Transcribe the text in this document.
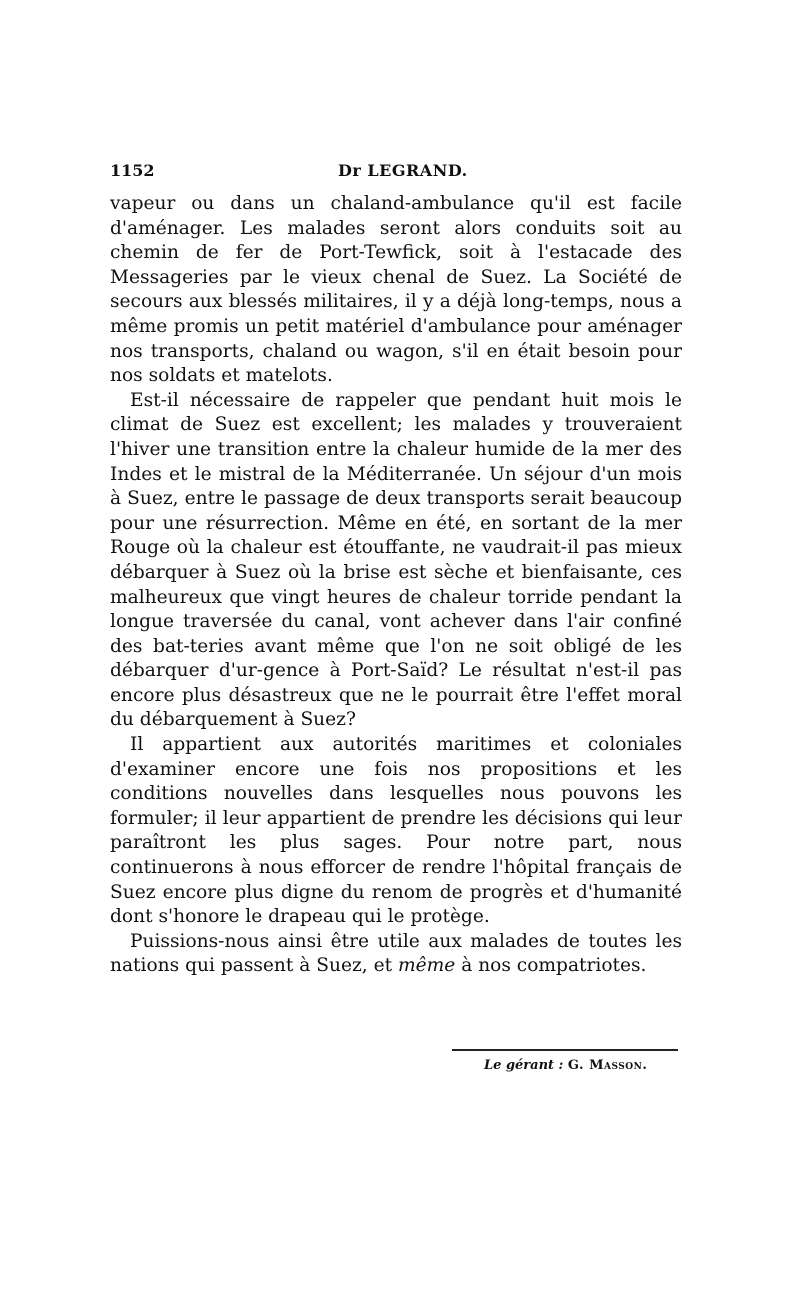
1152	Dr LEGRAND.

vapeur ou dans un chaland-ambulance qu'il est facile d'aménager. Les malades seront alors conduits soit au chemin de fer de Port-Tewfick, soit à l'estacade des Messageries par le vieux chenal de Suez. La Société de secours aux blessés militaires, il y a déjà long-temps, nous a même promis un petit matériel d'ambulance pour aménager nos transports, chaland ou wagon, s'il en était besoin pour nos soldats et matelots.

Est-il nécessaire de rappeler que pendant huit mois le climat de Suez est excellent; les malades y trouveraient l'hiver une transition entre la chaleur humide de la mer des Indes et le mistral de la Méditerranée. Un séjour d'un mois à Suez, entre le passage de deux transports serait beaucoup pour une résurrection. Même en été, en sortant de la mer Rouge où la chaleur est étouffante, ne vaudrait-il pas mieux débarquer à Suez où la brise est sèche et bienfaisante, ces malheureux que vingt heures de chaleur torride pendant la longue traversée du canal, vont achever dans l'air confiné des bat-teries avant même que l'on ne soit obligé de les débarquer d'ur-gence à Port-Saïd? Le résultat n'est-il pas encore plus désastreux que ne le pourrait être l'effet moral du débarquement à Suez?

Il appartient aux autorités maritimes et coloniales d'examiner encore une fois nos propositions et les conditions nouvelles dans lesquelles nous pouvons les formuler; il leur appartient de prendre les décisions qui leur paraîtront les plus sages. Pour notre part, nous continuerons à nous efforcer de rendre l'hôpital français de Suez encore plus digne du renom de progrès et d'humanité dont s'honore le drapeau qui le protège.

Puissions-nous ainsi être utile aux malades de toutes les nations qui passent à Suez, et même à nos compatriotes.

Le gérant : G. Masson.
